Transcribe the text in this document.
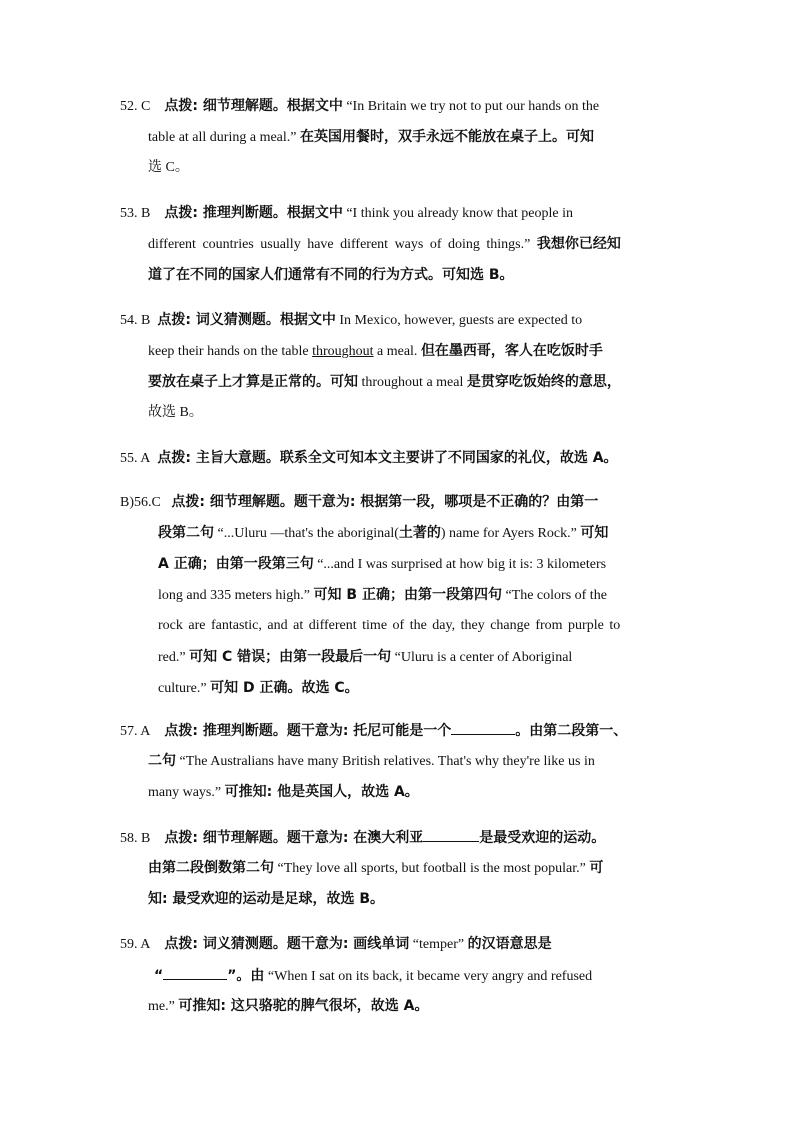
52. C 点拨: 细节理解题。根据文中 “In Britain we try not to put our hands on the
table at all during a meal.” 在英国用餐时，双手永远不能放在桌子上。可知
选 C。
53. B 点拨: 推理判断题。根据文中 “I think you already know that people in
different countries usually have different ways of doing things.” 我想你已经知
道了在不同的国家人们通常有不同的行为方式。可知选 B。
54. B 点拨: 词义猜测题。根据文中 In Mexico, however, guests are expected to
keep their hands on the table throughout a meal. 但在墨西哥，客人在吃饭时手
要放在桌子上才算是正常的。可知 throughout a meal 是贯穿吃饭始终的意思，
故选 B。
55. A 点拨: 主旨大意题。联系全文可知本文主要讲了不同国家的礼仪，故选 A。
B)56.C 点拨: 细节理解题。题干意为: 根据第一段，哪项是不正确的？由第一
段第二句 “...Uluru —that's the aboriginal(土著的) name for Ayers Rock.” 可知
A 正确；由第一段第三句 “...and I was surprised at how big it is: 3 kilometers
long and 335 meters high.” 可知 B 正确；由第一段第四句 “The colors of the
rock are fantastic, and at different time of the day, they change from purple to
red.” 可知 C 错误；由第一段最后一句 “Uluru is a center of Aboriginal
culture.” 可知 D 正确。故选 C。
57. A 点拨: 推理判断题。题干意为: 托尼可能是一个	。由第二段第一、
二句 “The Australians have many British relatives. That's why they're like us in
many ways.” 可推知: 他是英国人，故选 A。
58. B 点拨: 细节理解题。题干意为: 在澳大利亚	是最受欢迎的运动。
由第二段倒数第二句 “They love all sports, but football is the most popular.” 可
知: 最受欢迎的运动是足球，故选 B。
59. A 点拨: 词义猜测题。题干意为: 画线单词 “temper” 的汉语意思是
“	”。由 “When I sat on its back, it became very angry and refused
me.” 可推知: 这只骆驼的脾气很坏，故选 A。
